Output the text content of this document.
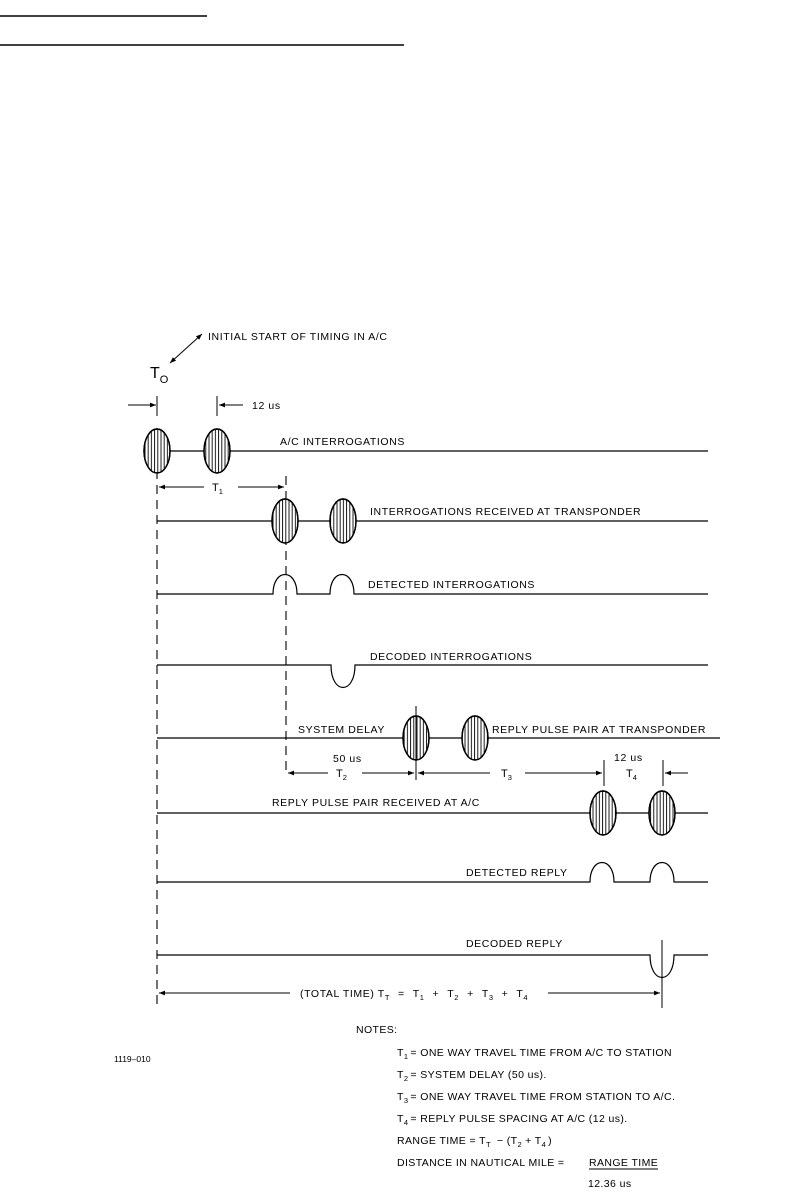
INITIAL START OF TIMING IN A/C
$T_O$
12 us
A/C INTERROGATIONS
$T_1$
INTERROGATIONS RECEIVED AT TRANSPONDER
DETECTED INTERROGATIONS
DECODED INTERROGATIONS
SYSTEM DELAY	REPLY PULSE PAIR AT TRANSPONDER
50 us
$T_2$	$T_3$
12 us
$T_4$
REPLY PULSE PAIR RECEIVED AT A/C
DETECTED REPLY
DECODED REPLY
(TOTAL TIME) $T_T = T_1 + T_2 + T_3 + T_4$
1119–010
NOTES:
$T_1$ = ONE WAY TRAVEL TIME FROM A/C TO STATION
$T_2$ = SYSTEM DELAY (50 us).
$T_3$ = ONE WAY TRAVEL TIME FROM STATION TO A/C.
$T_4$ = REPLY PULSE SPACING AT A/C (12 us).
RANGE TIME = $T_T - (T_2 + T_4$ )
DISTANCE IN NAUTICAL MILE = RANGE TIME
12.36 us
